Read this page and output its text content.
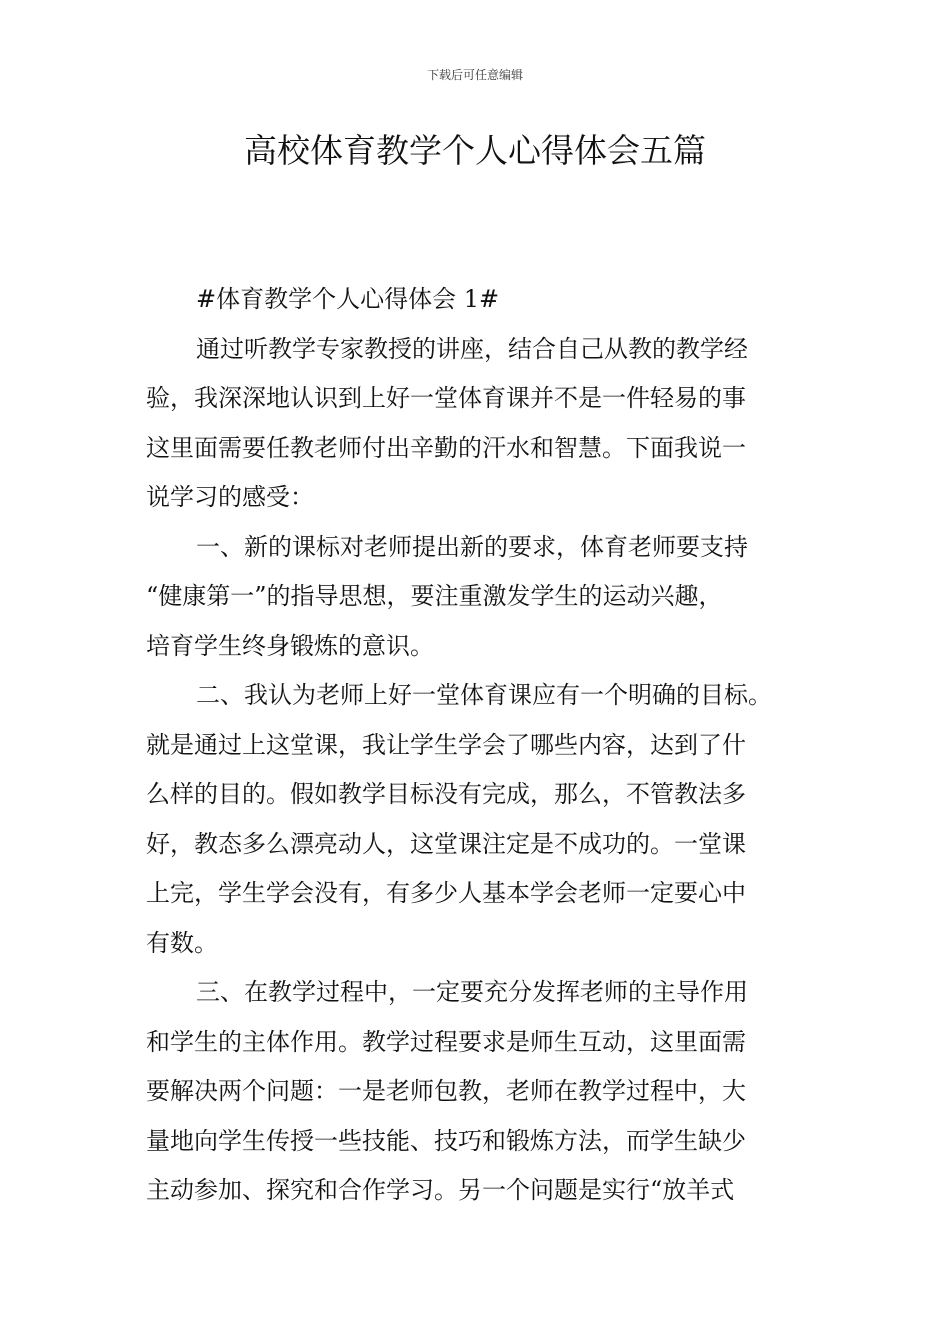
下载后可任意编辑
高校体育教学个人心得体会五篇
#体育教学个人心得体会 1#
通过听教学专家教授的讲座，结合自己从教的教学经
验，我深深地认识到上好一堂体育课并不是一件轻易的事
这里面需要任教老师付出辛勤的汗水和智慧。下面我说一
说学习的感受：
一、新的课标对老师提出新的要求，体育老师要支持
“健康第一”的指导思想，要注重激发学生的运动兴趣，
培育学生终身锻炼的意识。
二、我认为老师上好一堂体育课应有一个明确的目标。
就是通过上这堂课，我让学生学会了哪些内容，达到了什
么样的目的。假如教学目标没有完成，那么，不管教法多
好，教态多么漂亮动人，这堂课注定是不成功的。一堂课
上完，学生学会没有，有多少人基本学会老师一定要心中
有数。
三、在教学过程中，一定要充分发挥老师的主导作用
和学生的主体作用。教学过程要求是师生互动，这里面需
要解决两个问题：一是老师包教，老师在教学过程中，大
量地向学生传授一些技能、技巧和锻炼方法，而学生缺少
主动参加、探究和合作学习。另一个问题是实行“放羊式
